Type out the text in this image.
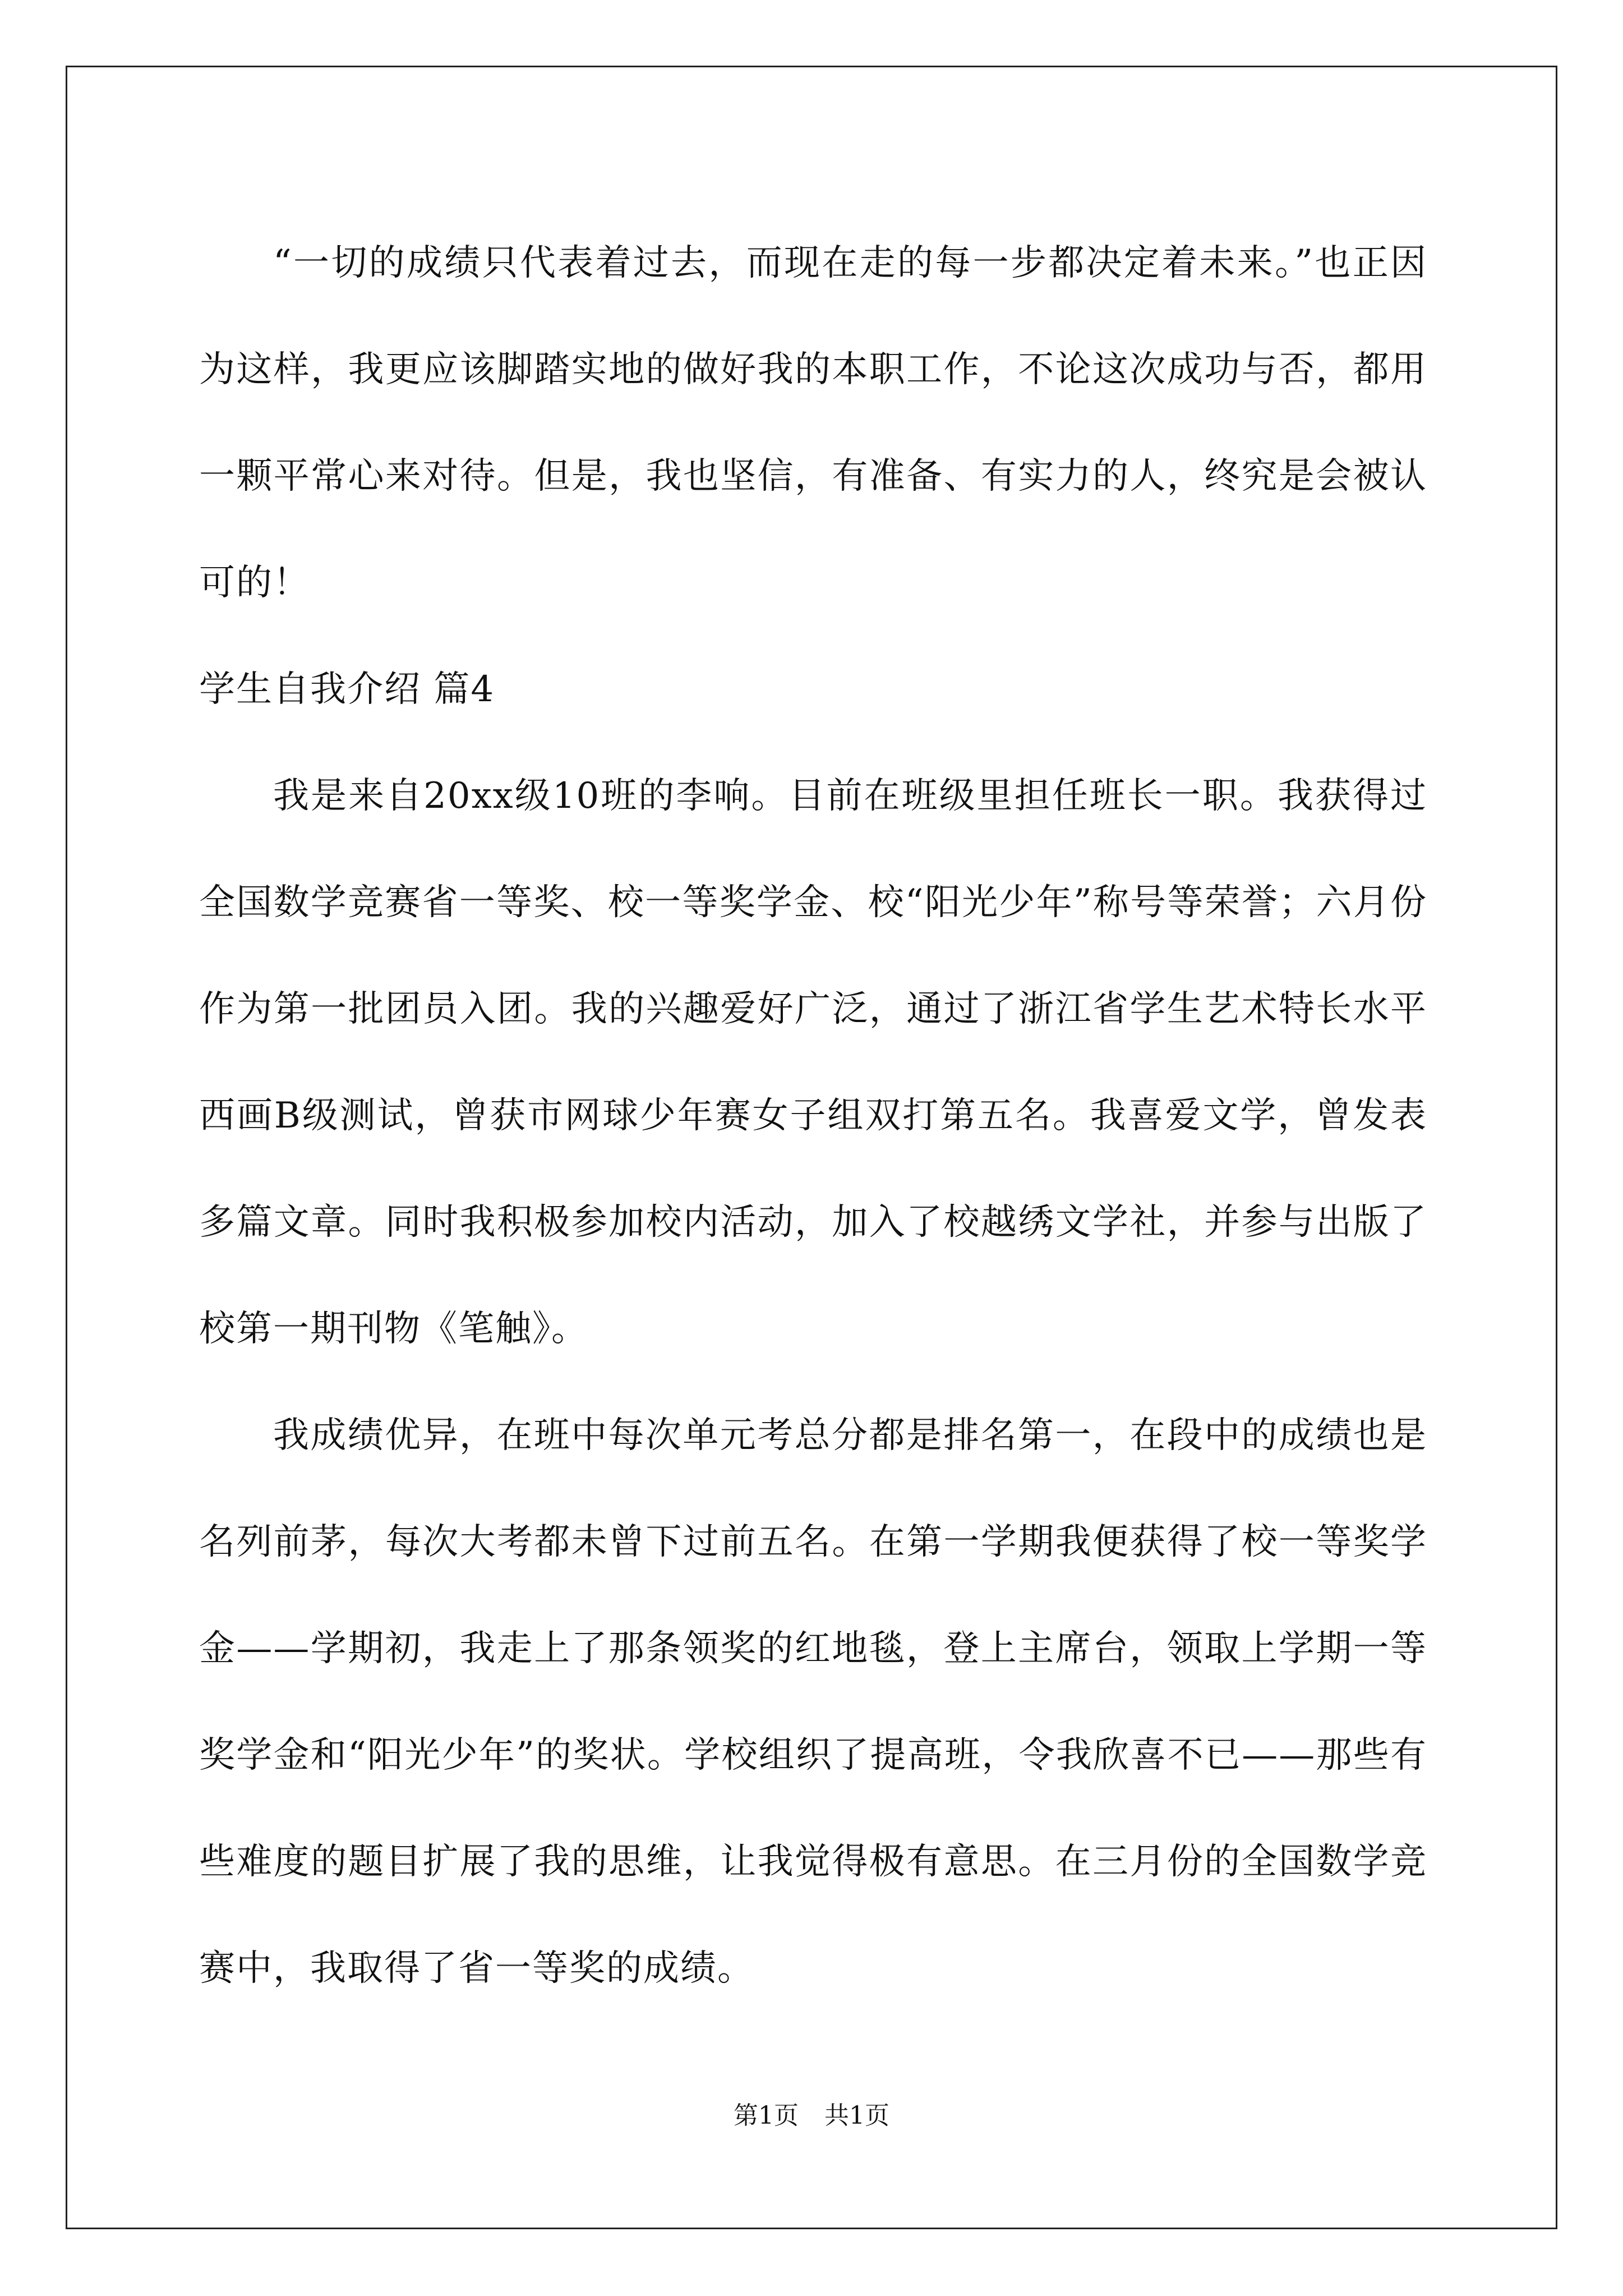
“一切的成绩只代表着过去，而现在走的每一步都决定着未来。”也正因为这样，我更应该脚踏实地的做好我的本职工作，不论这次成功与否，都用一颗平常心来对待。但是，我也坚信，有准备、有实力的人，终究是会被认可的！

学生自我介绍 篇4

我是来自20xx级10班的李响。目前在班级里担任班长一职。我获得过全国数学竞赛省一等奖、校一等奖学金、校“阳光少年”称号等荣誉；六月份作为第一批团员入团。我的兴趣爱好广泛，通过了浙江省学生艺术特长水平西画B级测试，曾获市网球少年赛女子组双打第五名。我喜爱文学，曾发表多篇文章。同时我积极参加校内活动，加入了校越绣文学社，并参与出版了校第一期刊物《笔触》。

我成绩优异，在班中每次单元考总分都是排名第一，在段中的成绩也是名列前茅，每次大考都未曾下过前五名。在第一学期我便获得了校一等奖学金——学期初，我走上了那条领奖的红地毯，登上主席台，领取上学期一等奖学金和“阳光少年”的奖状。学校组织了提高班，令我欣喜不已——那些有些难度的题目扩展了我的思维，让我觉得极有意思。在三月份的全国数学竞赛中，我取得了省一等奖的成绩。

第1页 共1页
